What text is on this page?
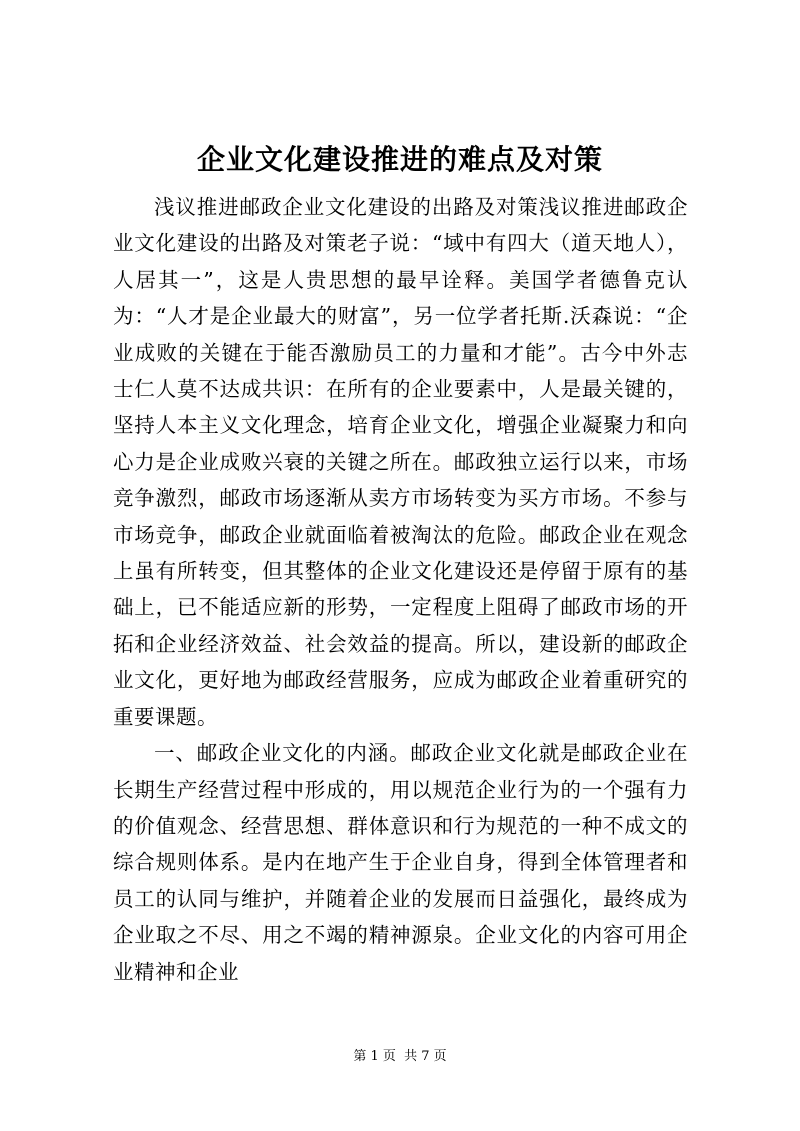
企业文化建设推进的难点及对策

浅议推进邮政企业文化建设的出路及对策浅议推进邮政企业文化建设的出路及对策老子说：“域中有四大（道天地人），人居其一”，这是人贵思想的最早诠释。美国学者德鲁克认为：“人才是企业最大的财富”，另一位学者托斯.沃森说：“企业成败的关键在于能否激励员工的力量和才能”。古今中外志士仁人莫不达成共识：在所有的企业要素中，人是最关键的，坚持人本主义文化理念，培育企业文化，增强企业凝聚力和向心力是企业成败兴衰的关键之所在。邮政独立运行以来，市场竞争激烈，邮政市场逐渐从卖方市场转变为买方市场。不参与市场竞争，邮政企业就面临着被淘汰的危险。邮政企业在观念上虽有所转变，但其整体的企业文化建设还是停留于原有的基础上，已不能适应新的形势，一定程度上阻碍了邮政市场的开拓和企业经济效益、社会效益的提高。所以，建设新的邮政企业文化，更好地为邮政经营服务，应成为邮政企业着重研究的重要课题。

一、邮政企业文化的内涵。邮政企业文化就是邮政企业在长期生产经营过程中形成的，用以规范企业行为的一个强有力的价值观念、经营思想、群体意识和行为规范的一种不成文的综合规则体系。是内在地产生于企业自身，得到全体管理者和员工的认同与维护，并随着企业的发展而日益强化，最终成为企业取之不尽、用之不竭的精神源泉。企业文化的内容可用企业精神和企业

第 1 页  共 7 页
